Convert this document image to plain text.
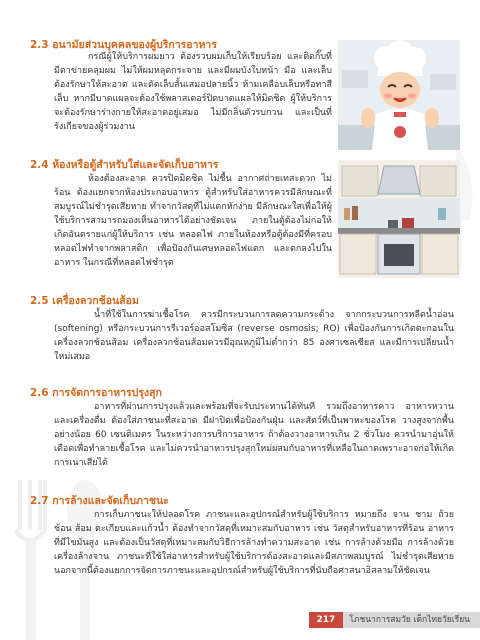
2.3 อนามัยส่วนบุคคลของผู้บริการอาหาร

กรณีผู้ให้บริการผมยาว ต้องรวบผมเก็บให้เรียบร้อย และติดกิ๊บที่มีตาข่ายคลุมผม ไม่ให้ผมหลุดกระจาย และมีผมบังใบหน้า มือ และเล็บต้องรักษาให้สะอาด และตัดเล็บสั้นเสมอปลายนิ้ว ห้ามเคลือบเล็บหรือทาสีเล็บ หากมีบาดแผลจะต้องใช้พลาสเตอร์ปิดบาดแผลให้มิดชิด ผู้ให้บริการจะต้องรักษาร่างกายให้สะอาดอยู่เสมอ ไม่มีกลิ่นตัวรบกวน และเป็นที่รังเกียจของผู้ร่วมงาน

2.4 ห้องหรือตู้สำหรับใส่และจัดเก็บอาหาร

ห้องต้องสะอาด ควรปิดมิดชิด ไม่ชื้น อากาศถ่ายเทสะดวก ไม่ร้อน ต้องแยกจากห้องประกอบอาหาร ตู้สำหรับใส่อาหารควรมีลักษณะที่สมบูรณ์ไม่ชำรุดเสียหาย ทำจากวัสดุที่ไม่แตกหักง่าย มีลักษณะใสเพื่อให้ผู้ใช้บริการสามารถมองเห็นอาหารได้อย่างชัดเจน ภายในตู้ต้องไม่ก่อให้เกิดอันตรายแก่ผู้ให้บริการ เช่น หลอดไฟ ภายในห้องหรือตู้ต้องมีที่ครอบหลอดไฟทำจากพลาสติก เพื่อป้องกันเศษหลอดไฟแตก และตกลงไปในอาหาร ในกรณีที่หลอดไฟชำรุด

2.5 เครื่องลวกช้อนส้อม

น้ำที่ใช้ในการฆ่าเชื้อโรค ควรมีกระบวนการลดความกระด้าง จากกระบวนการหลีดน้ำอ่อน (softening) หรือกระบวนการรีเวอร์ออสโมซิส (reverse osmosis; RO) เพื่อป้องกันการเกิดตะกอนในเครื่องลวกช้อนส้อม เครื่องลวกช้อนส้อมควรมีอุณหภูมิไม่ต่ำกว่า 85 องศาเซลเซียส และมีการเปลี่ยนน้ำใหม่เสมอ

2.6 การจัดการอาหารปรุงสุก

อาหารที่ผ่านการปรุงแล้วและพร้อมที่จะรับประทานได้ทันที รวมถึงอาหารคาว อาหารหวาน และเครื่องดื่ม ต้องใส่ภาชนะที่สะอาด มีฝาปิดเพื่อป้องกันฝุ่น และสัตว์ที่เป็นพาหะของโรค วางสูงจากพื้นอย่างน้อย 60 เซนติเมตร ในระหว่างการบริการอาหาร ถ้าต้องวางอาหารเกิน 2 ชั่วโมง ควรนำมาอุ่นให้เดือดเพื่อทำลายเชื้อโรค และไม่ควรนำอาหารปรุงสุกใหม่ผสมกับอาหารที่เหลือในถาดเพราะอาจก่อให้เกิดการเน่าเสียได้

2.7 การล้างและจัดเก็บภาชนะ

การเก็บภาชนะให้ปลอดโรค ภาชนะและอุปกรณ์สำหรับผู้ใช้บริการ หมายถึง จาน ชาม ถ้วย ช้อน ส้อม ตะเกียบและแก้วน้ำ ต้องทำจากวัสดุที่เหมาะสมกับอาหาร เช่น วัสดุสำหรับอาหารที่ร้อน อาหารที่มีไขมันสูง และต้องเป็นวัสดุที่เหมาะสมกับวิธีการล้างทำความสะอาด เช่น การล้างด้วยมือ การล้างด้วยเครื่องล้างจาน ภาชนะที่ใช้ใส่อาหารสำหรับผู้ใช้บริการต้องสะอาดและมีสภาพสมบูรณ์ ไม่ชำรุดเสียหาย นอกจากนี้ต้องแยกการจัดการภาชนะและอุปกรณ์สำหรับผู้ใช้บริการที่นับถือศาสนาอิสลามให้ชัดเจน

217	โภชนาการสมวัย เด็กไทยวัยเรียน
